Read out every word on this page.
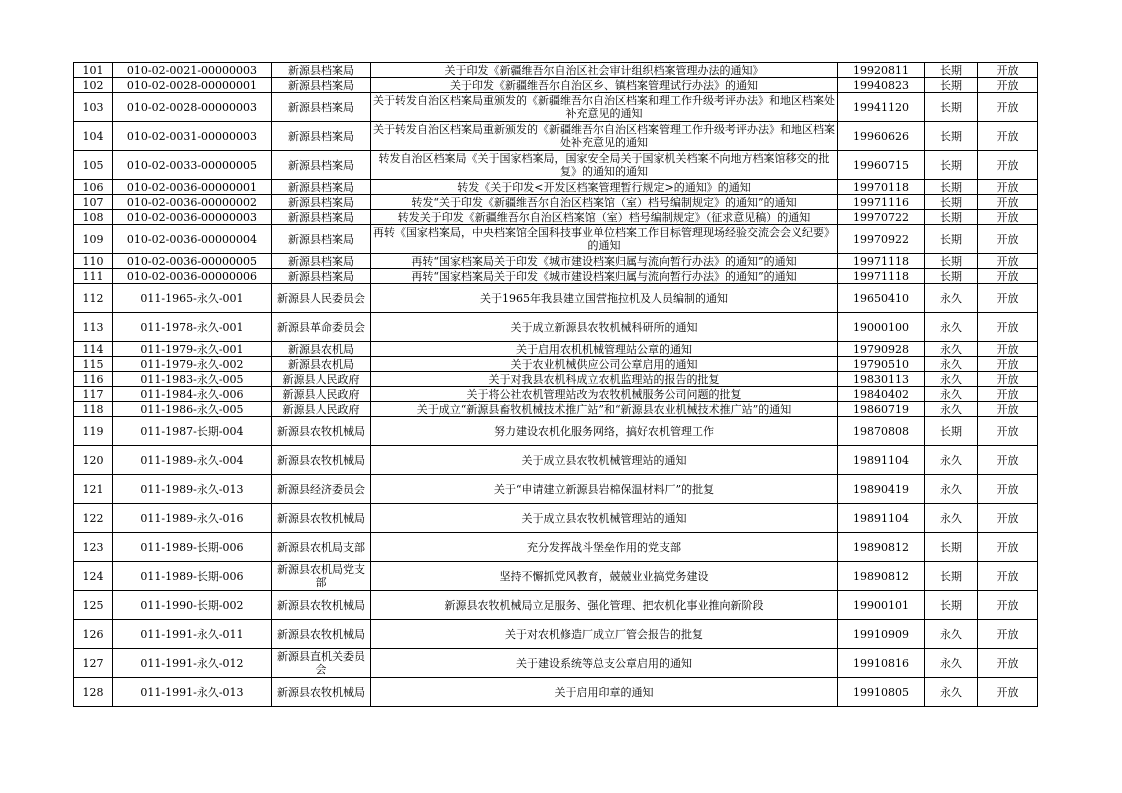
101	010-02-0021-00000003	新源县档案局	关于印发《新疆维吾尔自治区社会审计组织档案管理办法的通知》	19920811	长期	开放
102	010-02-0028-00000001	新源县档案局	关于印发《新疆维吾尔自治区乡、镇档案管理试行办法》的通知	19940823	长期	开放
103	010-02-0028-00000003	新源县档案局	关于转发自治区档案局重颁发的《新疆维吾尔自治区档案和理工作升级考评办法》和地区档案处补充意见的通知	19941120	长期	开放
104	010-02-0031-00000003	新源县档案局	关于转发自治区档案局重新颁发的《新疆维吾尔自治区档案管理工作升级考评办法》和地区档案处补充意见的通知	19960626	长期	开放
105	010-02-0033-00000005	新源县档案局	转发自治区档案局《关于国家档案局，国家安全局关于国家机关档案不向地方档案馆移交的批复》的通知的通知	19960715	长期	开放
106	010-02-0036-00000001	新源县档案局	转发《关于印发<开发区档案管理暂行规定>的通知》的通知	19970118	长期	开放
107	010-02-0036-00000002	新源县档案局	转发“关于印发《新疆维吾尔自治区档案馆（室）档号编制规定》的通知”的通知	19971116	长期	开放
108	010-02-0036-00000003	新源县档案局	转发关于印发《新疆维吾尔自治区档案馆（室）档号编制规定》（征求意见稿）的通知	19970722	长期	开放
109	010-02-0036-00000004	新源县档案局	再转《国家档案局，中央档案馆全国科技事业单位档案工作目标管理现场经验交流会会义纪要》的通知	19970922	长期	开放
110	010-02-0036-00000005	新源县档案局	再转“国家档案局关于印发《城市建设档案归属与流向暂行办法》的通知”的通知	19971118	长期	开放
111	010-02-0036-00000006	新源县档案局	再转“国家档案局关于印发《城市建设档案归属与流向暂行办法》的通知”的通知	19971118	长期	开放
112	011-1965-永久-001	新源县人民委员会	关于1965年我县建立国营拖拉机及人员编制的通知	19650410	永久	开放
113	011-1978-永久-001	新源县革命委员会	关于成立新源县农牧机械科研所的通知	19000100	永久	开放
114	011-1979-永久-001	新源县农机局	关于启用农机机械管理站公章的通知	19790928	永久	开放
115	011-1979-永久-002	新源县农机局	关于农业机械供应公司公章启用的通知	19790510	永久	开放
116	011-1983-永久-005	新源县人民政府	关于对我县农机科成立农机监理站的报告的批复	19830113	永久	开放
117	011-1984-永久-006	新源县人民政府	关于将公社农机管理站改为农牧机械服务公司问题的批复	19840402	永久	开放
118	011-1986-永久-005	新源县人民政府	关于成立“新源县畜牧机械技术推广站”和“新源县农业机械技术推广站”的通知	19860719	永久	开放
119	011-1987-长期-004	新源县农牧机械局	努力建设农机化服务网络，搞好农机管理工作	19870808	长期	开放
120	011-1989-永久-004	新源县农牧机械局	关于成立县农牧机械管理站的通知	19891104	永久	开放
121	011-1989-永久-013	新源县经济委员会	关于“申请建立新源县岩棉保温材料厂”的批复	19890419	永久	开放
122	011-1989-永久-016	新源县农牧机械局	关于成立县农牧机械管理站的通知	19891104	永久	开放
123	011-1989-长期-006	新源县农机局支部	充分发挥战斗堡垒作用的党支部	19890812	长期	开放
124	011-1989-长期-006	新源县农机局党支部	坚持不懈抓党风教育，兢兢业业搞党务建设	19890812	长期	开放
125	011-1990-长期-002	新源县农牧机械局	新源县农牧机械局立足服务、强化管理、把农机化事业推向新阶段	19900101	长期	开放
126	011-1991-永久-011	新源县农牧机械局	关于对农机修造厂成立厂管会报告的批复	19910909	永久	开放
127	011-1991-永久-012	新源县直机关委员会	关于建设系统等总支公章启用的通知	19910816	永久	开放
128	011-1991-永久-013	新源县农牧机械局	关于启用印章的通知	19910805	永久	开放
